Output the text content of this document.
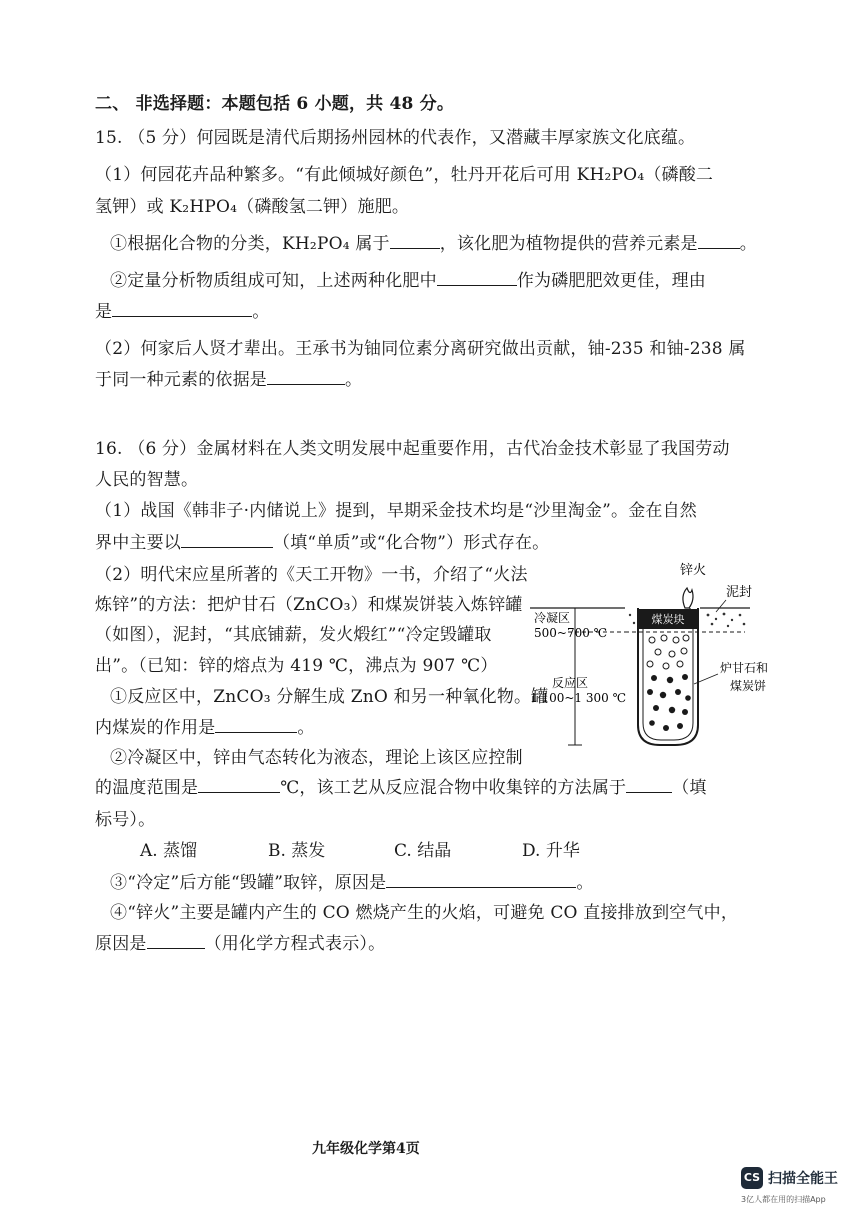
二、 非选择题：本题包括 6 小题，共 48 分。
15. （5 分）何园既是清代后期扬州园林的代表作，又潜藏丰厚家族文化底蕴。
（1）何园花卉品种繁多。“有此倾城好颜色”，牡丹开花后可用 KH₂PO₄（磷酸二
氢钾）或 K₂HPO₄（磷酸氢二钾）施肥。
①根据化合物的分类，KH₂PO₄ 属于	，该化肥为植物提供的营养元素是 。
②定量分析物质组成可知，上述两种化肥中	作为磷肥肥效更佳，理由
是	。
（2）何家后人贤才辈出。王承书为铀同位素分离研究做出贡献，铀-235 和铀-238 属
于同一种元素的依据是	。
16. （6 分）金属材料在人类文明发展中起重要作用，古代冶金技术彰显了我国劳动
人民的智慧。
（1）战国《韩非子·内储说上》提到，早期采金技术均是“沙里淘金”。金在自然
界中主要以	（填“单质”或“化合物”）形式存在。
（2）明代宋应星所著的《天工开物》一书，介绍了“火法
炼锌”的方法：把炉甘石（ZnCO₃）和煤炭饼装入炼锌罐
（如图），泥封，“其底铺薪，发火煅红”“冷定毁罐取
出”。（已知：锌的熔点为 419 ℃，沸点为 907 ℃）
①反应区中，ZnCO₃ 分解生成 ZnO 和另一种氧化物。罐
内煤炭的作用是	。
②冷凝区中，锌由气态转化为液态，理论上该区应控制
的温度范围是	℃，该工艺从反应混合物中收集锌的方法属于	（填
标号）。
A. 蒸馏	B. 蒸发	C. 结晶	D. 升华
③“冷定”后方能“毁罐”取锌，原因是	。
④“锌火”主要是罐内产生的 CO 燃烧产生的火焰，可避免 CO 直接排放到空气中，
原因是	（用化学方程式表示）。
煤炭块
锌火
泥封
冷凝区
500~700 ℃
反应区
1 100~1 300 ℃
炉甘石和
煤炭饼
九年级化学第4页
CS 扫描全能王
3亿人都在用的扫描App
